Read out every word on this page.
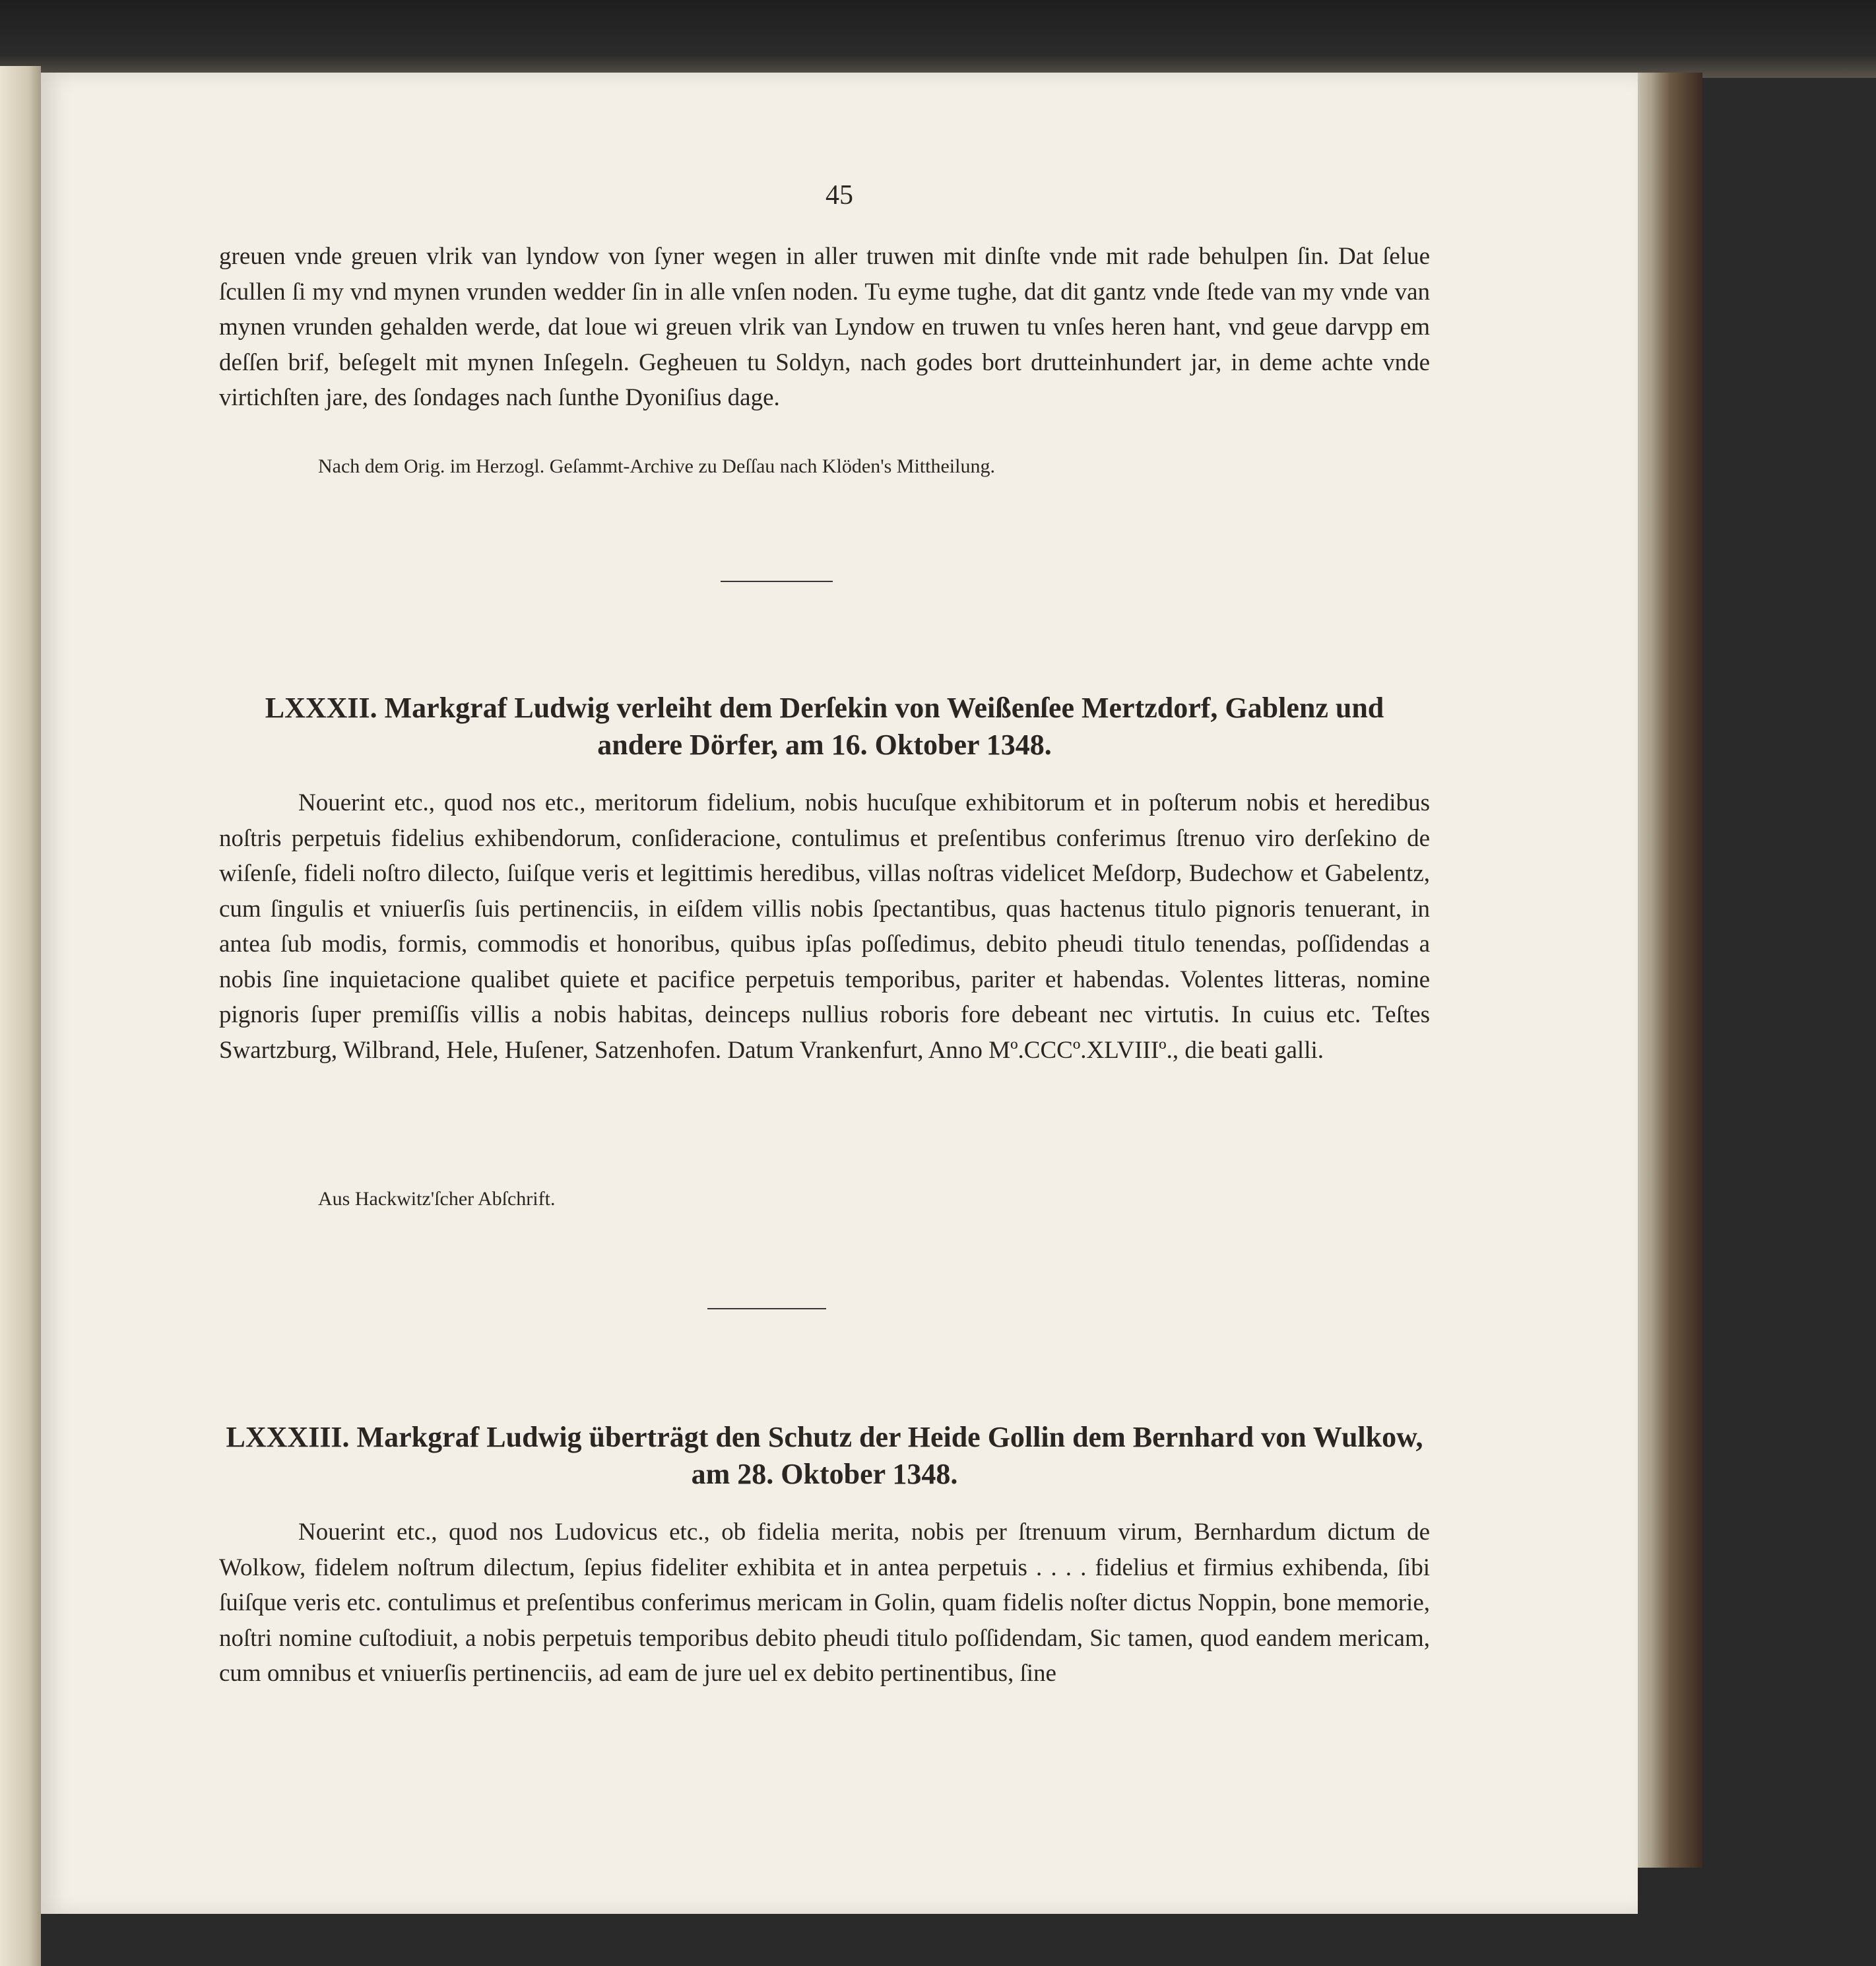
45

greuen vnde greuen vlrik van lyndow von ſyner wegen in aller truwen mit dinſte vnde mit rade behulpen ſin. Dat ſelue ſcullen ſi my vnd mynen vrunden wedder ſin in alle vnſen noden. Tu eyme tughe, dat dit gantz vnde ſtede van my vnde van mynen vrunden gehalden werde, dat loue wi greuen vlrik van Lyndow en truwen tu vnſes heren hant, vnd geue darvpp em deſſen brif, beſegelt mit mynen Inſegeln. Gegheuen tu Soldyn, nach godes bort drutteinhundert jar, in deme achte vnde virtichſten jare, des ſondages nach ſunthe Dyoniſius dage.

Nach dem Orig. im Herzogl. Geſammt-Archive zu Deſſau nach Klöden's Mittheilung.
LXXXII. Markgraf Ludwig verleiht dem Derſekin von Weißenſee Mertzdorf, Gablenz und andere Dörfer, am 16. Oktober 1348.

Nouerint etc., quod nos etc., meritorum fidelium, nobis hucuſque exhibitorum et in poſterum nobis et heredibus noſtris perpetuis fidelius exhibendorum, conſideracione, contulimus et preſentibus conferimus ſtrenuo viro derſekino de wiſenſe, fideli noſtro dilecto, ſuiſque veris et legittimis heredibus, villas noſtras videlicet Meſdorp, Budechow et Gabelentz, cum ſingulis et vniuerſis ſuis pertinenciis, in eiſdem villis nobis ſpectantibus, quas hactenus titulo pignoris tenuerant, in antea ſub modis, formis, commodis et honoribus, quibus ipſas poſſedimus, debito pheudi titulo tenendas, poſſidendas a nobis ſine inquietacione qualibet quiete et pacifice perpetuis temporibus, pariter et habendas. Volentes litteras, nomine pignoris ſuper premiſſis villis a nobis habitas, deinceps nullius roboris fore debeant nec virtutis. In cuius etc. Teſtes Swartzburg, Wilbrand, Hele, Huſener, Satzenhofen. Datum Vrankenfurt, Anno Mº.CCCº.XLVIIIº., die beati galli.

Aus Hackwitz'ſcher Abſchrift.
LXXXIII. Markgraf Ludwig überträgt den Schutz der Heide Gollin dem Bernhard von Wulkow, am 28. Oktober 1348.

Nouerint etc., quod nos Ludovicus etc., ob fidelia merita, nobis per ſtrenuum virum, Bernhardum dictum de Wolkow, fidelem noſtrum dilectum, ſepius fideliter exhibita et in antea perpetuis . . . . fidelius et firmius exhibenda, ſibi ſuiſque veris etc. contulimus et preſentibus conferimus mericam in Golin, quam fidelis noſter dictus Noppin, bone memorie, noſtri nomine cuſtodiuit, a nobis perpetuis temporibus debito pheudi titulo poſſidendam, Sic tamen, quod eandem mericam, cum omnibus et vniuerſis pertinenciis, ad eam de jure uel ex debito pertinentibus, ſine
